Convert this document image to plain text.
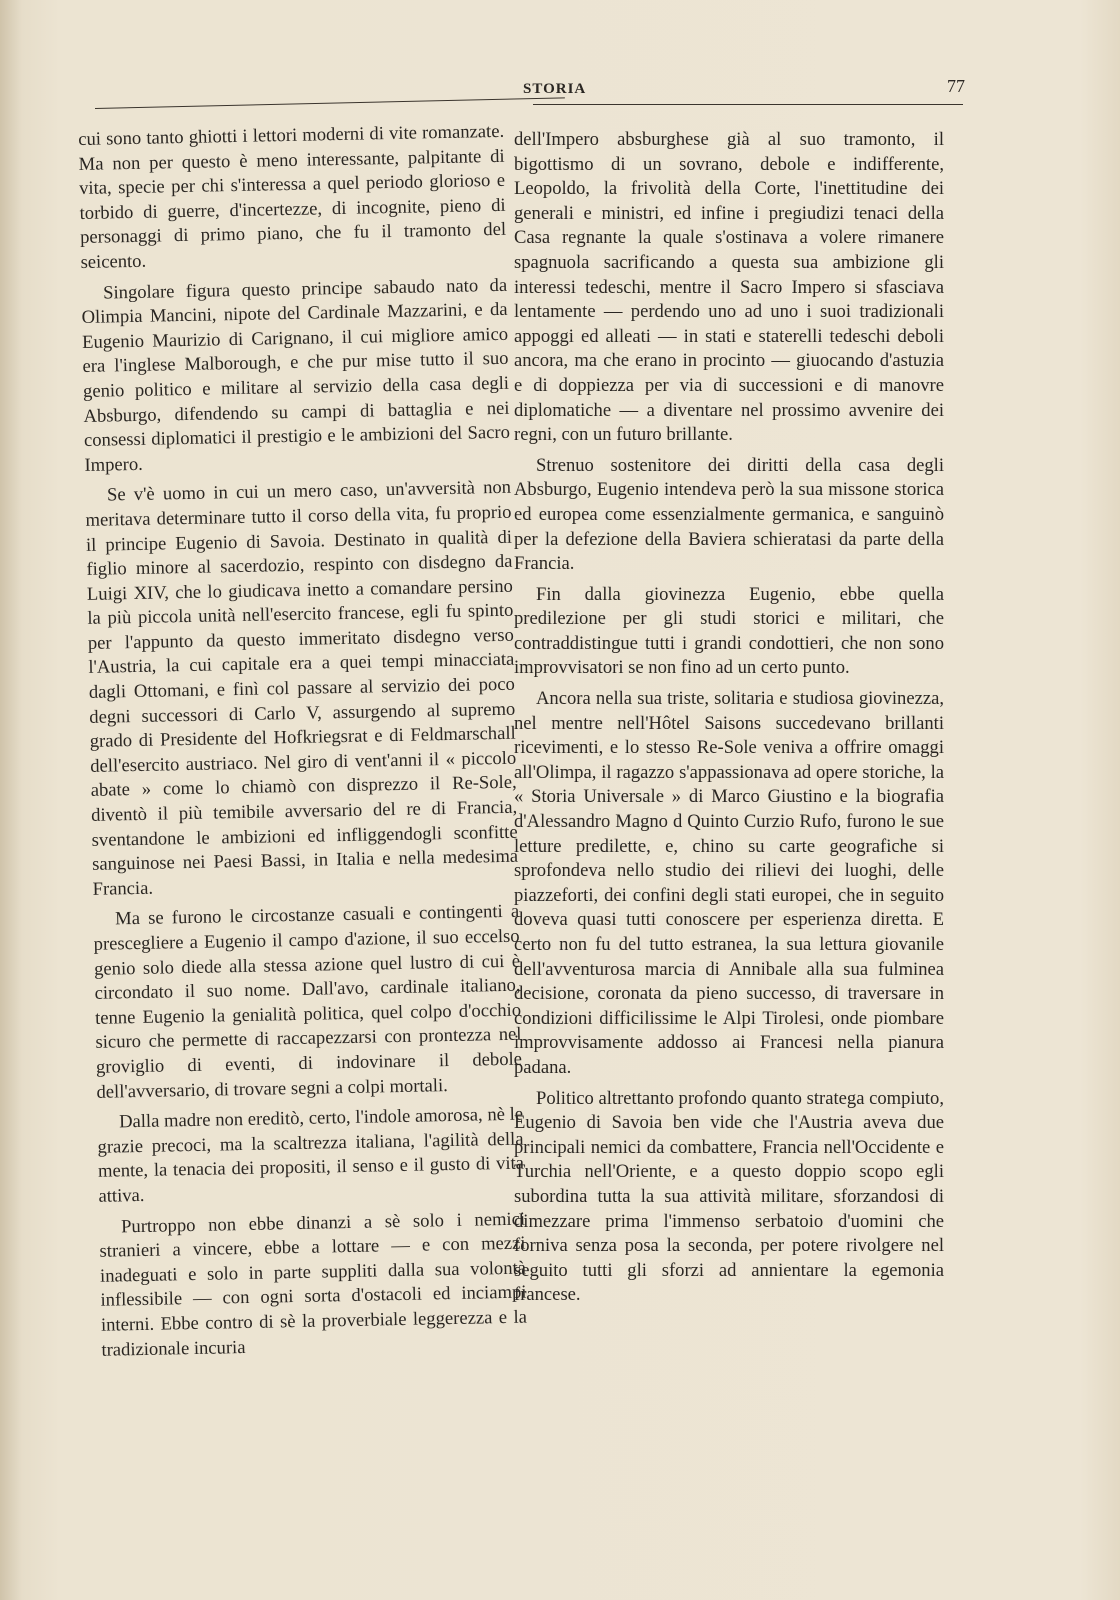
STORIA	77

cui sono tanto ghiotti i lettori moderni di vite romanzate. Ma non per questo è meno interessante, palpitante di vita, specie per chi s'interessa a quel periodo glorioso e torbido di guerre, d'incertezze, di incognite, pieno di personaggi di primo piano, che fu il tramonto del seicento.

Singolare figura questo principe sabaudo nato da Olimpia Mancini, nipote del Cardinale Mazzarini, e da Eugenio Maurizio di Carignano, il cui migliore amico era l'inglese Malborough, e che pur mise tutto il suo genio politico e militare al servizio della casa degli Absburgo, difendendo su campi di battaglia e nei consessi diplomatici il prestigio e le ambizioni del Sacro Impero.

Se v'è uomo in cui un mero caso, un'avversità non meritava determinare tutto il corso della vita, fu proprio il principe Eugenio di Savoia. Destinato in qualità di figlio minore al sacerdozio, respinto con disdegno da Luigi XIV, che lo giudicava inetto a comandare persino la più piccola unità nell'esercito francese, egli fu spinto per l'appunto da questo immeritato disdegno verso l'Austria, la cui capitale era a quei tempi minacciata dagli Ottomani, e finì col passare al servizio dei poco degni successori di Carlo V, assurgendo al supremo grado di Presidente del Hofkriegsrat e di Feldmarschall dell'esercito austriaco. Nel giro di vent'anni il « piccolo abate » come lo chiamò con disprezzo il Re-Sole, diventò il più temibile avversario del re di Francia, sventandone le ambizioni ed infliggendogli sconfitte sanguinose nei Paesi Bassi, in Italia e nella medesima Francia.

Ma se furono le circostanze casuali e contingenti a prescegliere a Eugenio il campo d'azione, il suo eccelso genio solo diede alla stessa azione quel lustro di cui è circondato il suo nome. Dall'avo, cardinale italiano, tenne Eugenio la genialità politica, quel colpo d'occhio sicuro che permette di raccapezzarsi con prontezza nel groviglio di eventi, di indovinare il debole dell'avversario, di trovare segni a colpi mortali.

Dalla madre non ereditò, certo, l'indole amorosa, nè le grazie precoci, ma la scaltrezza italiana, l'agilità della mente, la tenacia dei propositi, il senso e il gusto di vita attiva.

Purtroppo non ebbe dinanzi a sè solo i nemici stranieri a vincere, ebbe a lottare — e con mezzi inadeguati e solo in parte suppliti dalla sua volontà inflessibile — con ogni sorta d'ostacoli ed inciampi interni. Ebbe contro di sè la proverbiale leggerezza e la tradizionale incuria

dell'Impero absburghese già al suo tramonto, il bigottismo di un sovrano, debole e indifferente, Leopoldo, la frivolità della Corte, l'inettitudine dei generali e ministri, ed infine i pregiudizi tenaci della Casa regnante la quale s'ostinava a volere rimanere spagnuola sacrificando a questa sua ambizione gli interessi tedeschi, mentre il Sacro Impero si sfasciava lentamente — perdendo uno ad uno i suoi tradizionali appoggi ed alleati — in stati e staterelli tedeschi deboli ancora, ma che erano in procinto — giuocando d'astuzia e di doppiezza per via di successioni e di manovre diplomatiche — a diventare nel prossimo avvenire dei regni, con un futuro brillante.

Strenuo sostenitore dei diritti della casa degli Absburgo, Eugenio intendeva però la sua missone storica ed europea come essenzialmente germanica, e sanguinò per la defezione della Baviera schieratasi da parte della Francia.

Fin dalla giovinezza Eugenio, ebbe quella predilezione per gli studi storici e militari, che contraddistingue tutti i grandi condottieri, che non sono improvvisatori se non fino ad un certo punto.

Ancora nella sua triste, solitaria e studiosa giovinezza, nel mentre nell'Hôtel Saisons succedevano brillanti ricevimenti, e lo stesso Re-Sole veniva a offrire omaggi all'Olimpa, il ragazzo s'appassionava ad opere storiche, la « Storia Universale » di Marco Giustino e la biografia d'Alessandro Magno d Quinto Curzio Rufo, furono le sue letture predilette, e, chino su carte geografiche si sprofondeva nello studio dei rilievi dei luoghi, delle piazzeforti, dei confini degli stati europei, che in seguito doveva quasi tutti conoscere per esperienza diretta. E certo non fu del tutto estranea, la sua lettura giovanile dell'avventurosa marcia di Annibale alla sua fulminea decisione, coronata da pieno successo, di traversare in condizioni difficilissime le Alpi Tirolesi, onde piombare improvvisamente addosso ai Francesi nella pianura padana.

Politico altrettanto profondo quanto stratega compiuto, Eugenio di Savoia ben vide che l'Austria aveva due principali nemici da combattere, Francia nell'Occidente e Turchia nell'Oriente, e a questo doppio scopo egli subordina tutta la sua attività militare, sforzandosi di dimezzare prima l'immenso serbatoio d'uomini che forniva senza posa la seconda, per potere rivolgere nel seguito tutti gli sforzi ad annientare la egemonia francese.
